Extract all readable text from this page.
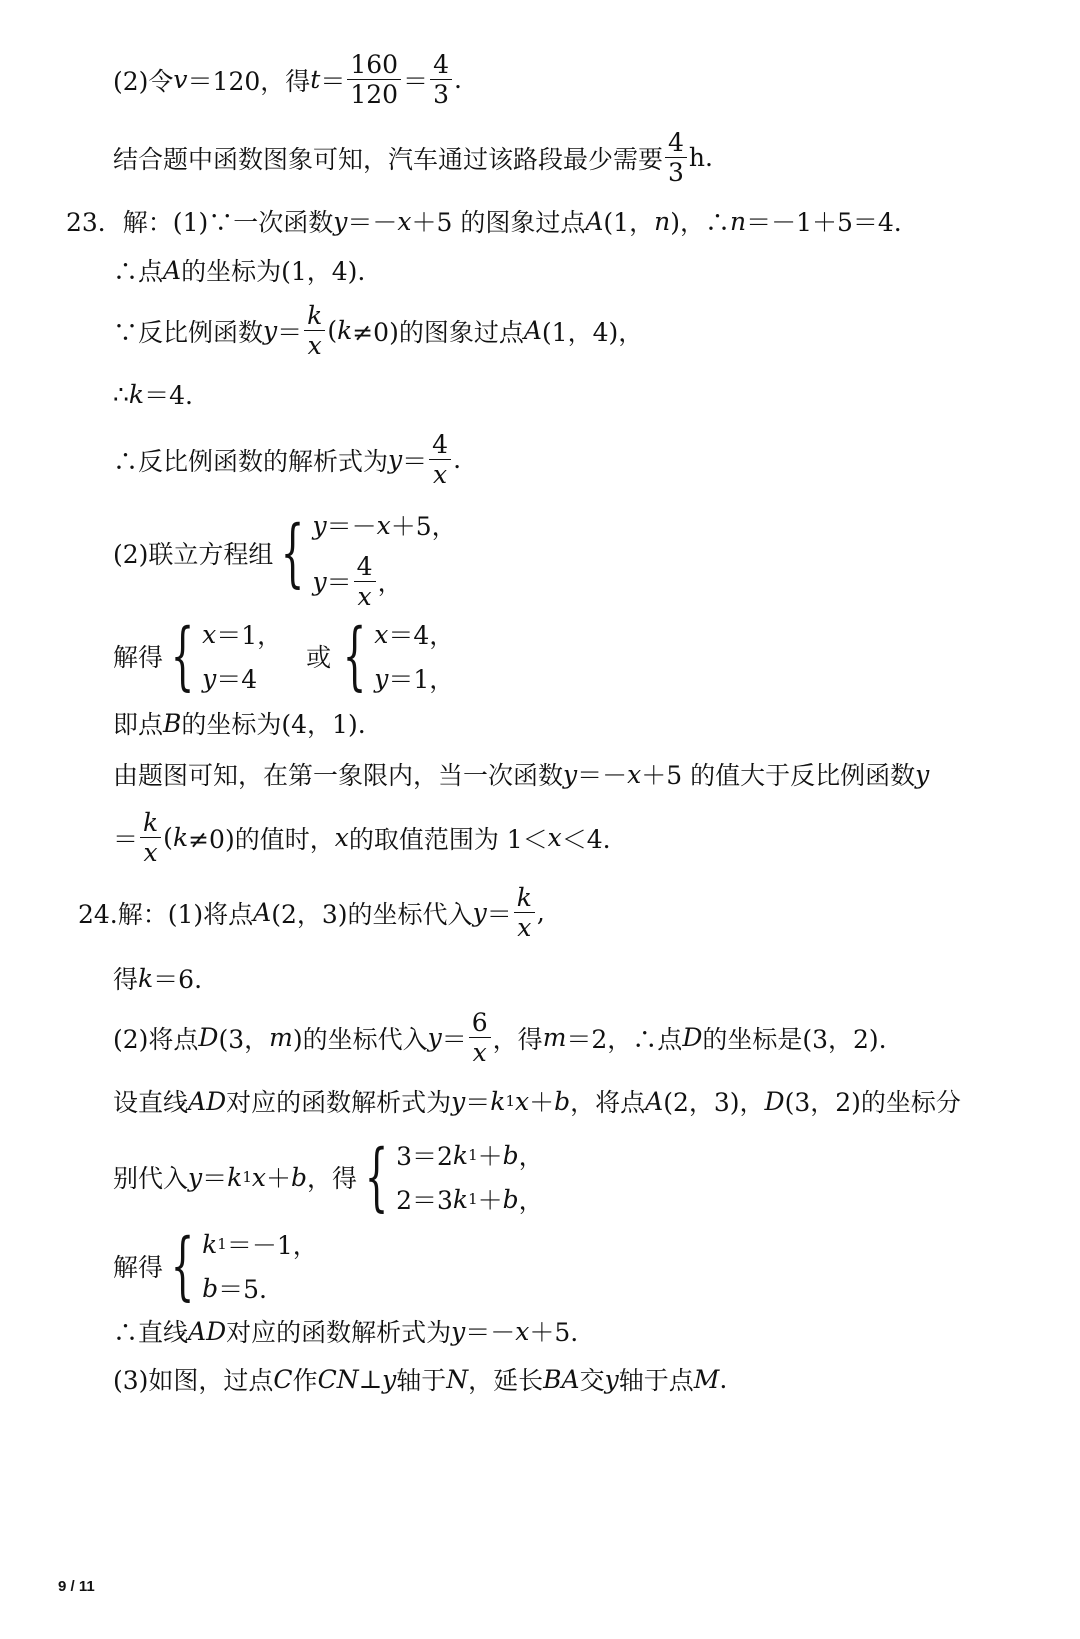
(2)令 v ＝120，得 $t = \frac{160}{120} = \frac{4}{3}$ .
结合题中函数图象可知，汽车通过该路段最少需要 $\frac{4}{3} h$.
23．解：(1)∵一次函数 y ＝－ x ＋5 的图象过点 A (1， n )，∴ n ＝－1＋5＝4.
∴点 A 的坐标为(1，4).
∵反比例函数 $y = \frac{k}{x}$ ( k ≠0)的图象过点 A (1，4)，
∴ k ＝4.
∴反比例函数的解析式为 $y = \frac{4}{x}$ .
(2)联立方程组 { y ＝－ x ＋5，
$y = \frac{4}{x}$ ，
解得 { x ＝1，
y ＝4
或 { x ＝4，
y ＝1，
即点 B 的坐标为(4，1).
由题图可知，在第一象限内，当一次函数 y ＝－ x ＋5 的值大于反比例函数 y
＝ $\frac{k}{x}$ ( k ≠0)的值时， x 的取值范围为 1＜ x ＜4.
24.解：(1)将点 A (2，3)的坐标代入 $y = \frac{k}{x}$ ,
得 k ＝6.
(2)将点 D (3， m )的坐标代入 $y = \frac{6}{x}$ ，得 m ＝2，∴点 D 的坐标是(3，2).
设直线 AD 对应的函数解析式为 y ＝ k 1 x ＋ b ，将点 A (2，3)， D (3，2)的坐标分
别代入 y ＝ k 1 x ＋ b ，得 { 3＝2 k 1 ＋ b ，
2＝3 k 1 ＋ b ，
解得 { k 1 ＝－1，
b ＝5.
∴直线 AD 对应的函数解析式为 y ＝－ x ＋5.
(3)如图，过点 C 作 CN ⊥ y 轴于 N ，延长 BA 交 y 轴于点 M .
9 / 11
